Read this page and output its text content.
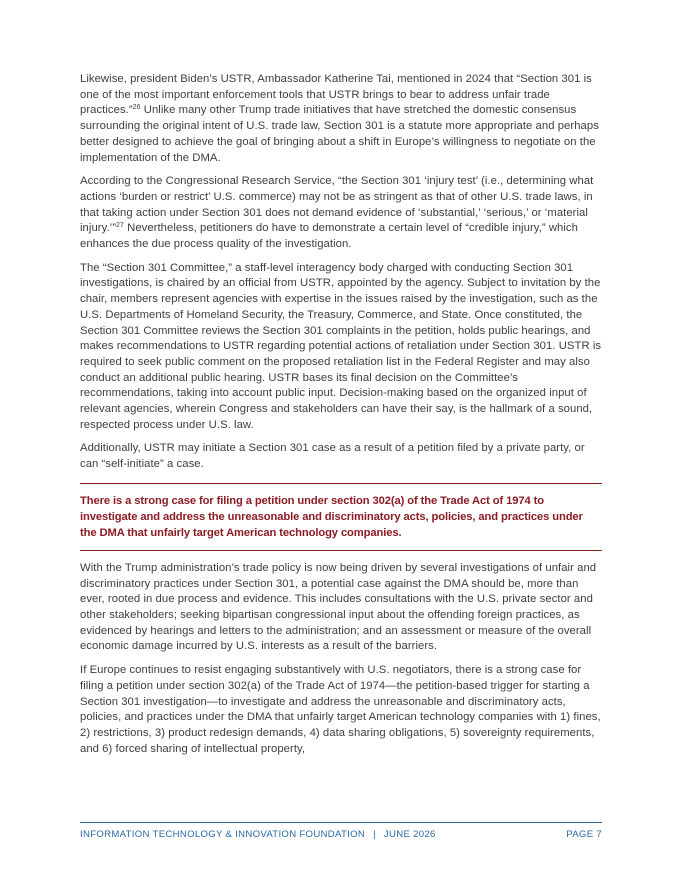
Likewise, president Biden’s USTR, Ambassador Katherine Tai, mentioned in 2024 that “Section 301 is one of the most important enforcement tools that USTR brings to bear to address unfair trade practices.”$^{26}$ Unlike many other Trump trade initiatives that have stretched the domestic consensus surrounding the original intent of U.S. trade law, Section 301 is a statute more appropriate and perhaps better designed to achieve the goal of bringing about a shift in Europe’s willingness to negotiate on the implementation of the DMA.

According to the Congressional Research Service, “the Section 301 ‘injury test’ (i.e., determining what actions ‘burden or restrict’ U.S. commerce) may not be as stringent as that of other U.S. trade laws, in that taking action under Section 301 does not demand evidence of ‘substantial,’ ‘serious,’ or ‘material injury.’”$^{27}$ Nevertheless, petitioners do have to demonstrate a certain level of “credible injury,” which enhances the due process quality of the investigation.

The “Section 301 Committee,” a staff-level interagency body charged with conducting Section 301 investigations, is chaired by an official from USTR, appointed by the agency. Subject to invitation by the chair, members represent agencies with expertise in the issues raised by the investigation, such as the U.S. Departments of Homeland Security, the Treasury, Commerce, and State. Once constituted, the Section 301 Committee reviews the Section 301 complaints in the petition, holds public hearings, and makes recommendations to USTR regarding potential actions of retaliation under Section 301. USTR is required to seek public comment on the proposed retaliation list in the Federal Register and may also conduct an additional public hearing. USTR bases its final decision on the Committee’s recommendations, taking into account public input. Decision-making based on the organized input of relevant agencies, wherein Congress and stakeholders can have their say, is the hallmark of a sound, respected process under U.S. law.

Additionally, USTR may initiate a Section 301 case as a result of a petition filed by a private party, or can “self-initiate” a case.

There is a strong case for filing a petition under section 302(a) of the Trade Act of 1974 to investigate and address the unreasonable and discriminatory acts, policies, and practices under the DMA that unfairly target American technology companies.

With the Trump administration’s trade policy is now being driven by several investigations of unfair and discriminatory practices under Section 301, a potential case against the DMA should be, more than ever, rooted in due process and evidence. This includes consultations with the U.S. private sector and other stakeholders; seeking bipartisan congressional input about the offending foreign practices, as evidenced by hearings and letters to the administration; and an assessment or measure of the overall economic damage incurred by U.S. interests as a result of the barriers.

If Europe continues to resist engaging substantively with U.S. negotiators, there is a strong case for filing a petition under section 302(a) of the Trade Act of 1974—the petition-based trigger for starting a Section 301 investigation—to investigate and address the unreasonable and discriminatory acts, policies, and practices under the DMA that unfairly target American technology companies with 1) fines, 2) restrictions, 3) product redesign demands, 4) data sharing obligations, 5) sovereignty requirements, and 6) forced sharing of intellectual property,

INFORMATION TECHNOLOGY & INNOVATION FOUNDATION | JUNE 2026	PAGE 7
